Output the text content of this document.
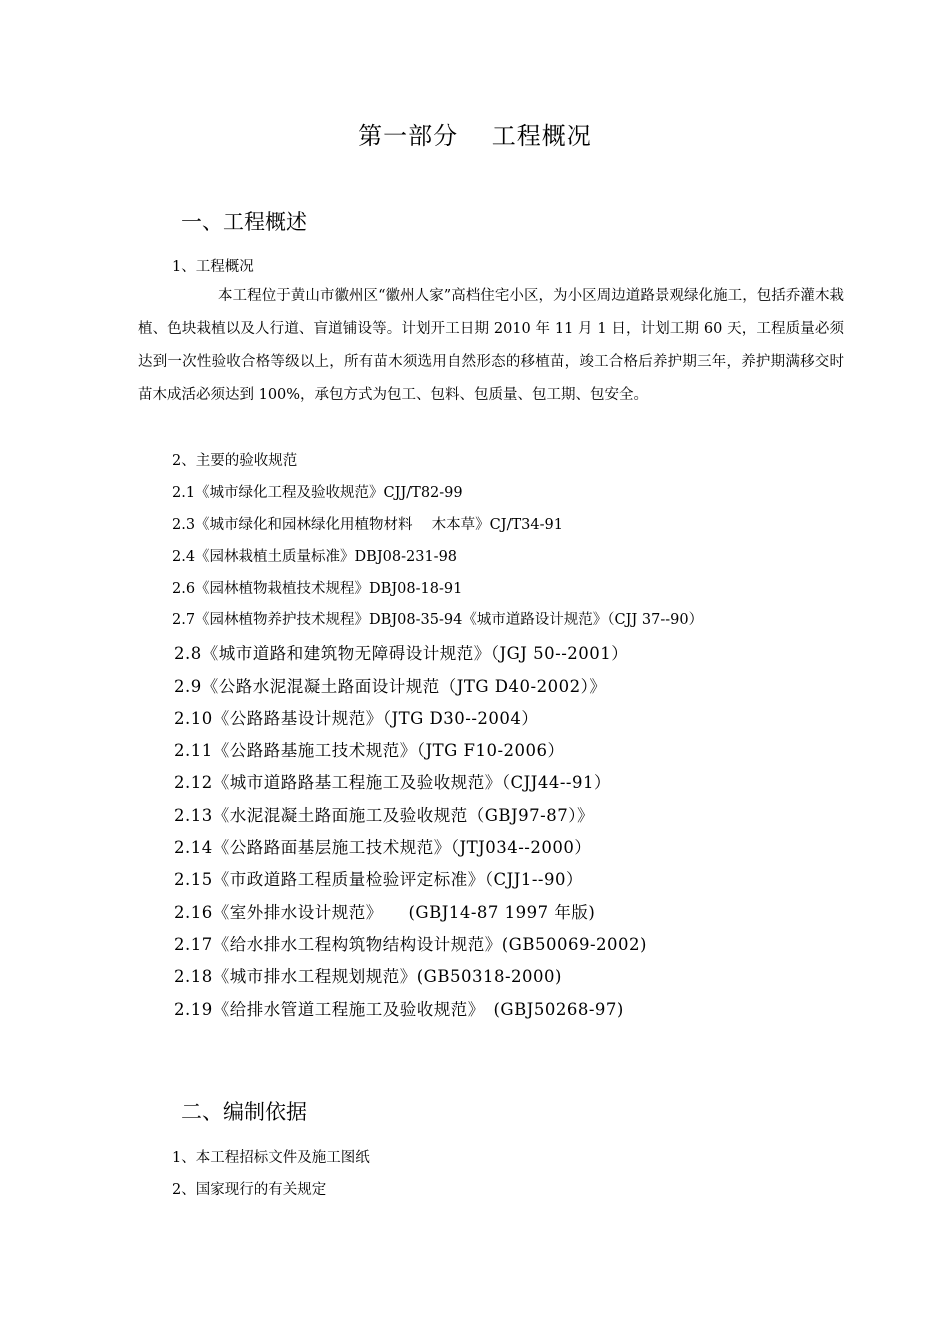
第一部分　 工程概况
一、工程概述
1、工程概况
本工程位于黄山市徽州区“徽州人家”高档住宅小区，为小区周边道路景观绿化施工，包括乔灌木栽植、色块栽植以及人行道、盲道铺设等。计划开工日期 2010 年 11 月 1 日，计划工期 60 天，工程质量必须达到一次性验收合格等级以上，所有苗木须选用自然形态的移植苗，竣工合格后养护期三年，养护期满移交时苗木成活必须达到 100%，承包方式为包工、包料、包质量、包工期、包安全。
2、主要的验收规范
2.1《城市绿化工程及验收规范》CJJ/T82-99
2.3《城市绿化和园林绿化用植物材料　 木本草》CJ/T34-91
2.4《园林栽植土质量标准》DBJ08-231-98
2.6《园林植物栽植技术规程》DBJ08-18-91
2.7《园林植物养护技术规程》DBJ08-35-94《城市道路设计规范》（CJJ 37--90）
2.8《城市道路和建筑物无障碍设计规范》（JGJ 50--2001）
2.9《公路水泥混凝土路面设计规范（JTG D40-2002）》
2.10《公路路基设计规范》（JTG D30--2004）
2.11《公路路基施工技术规范》（JTG F10-2006）
2.12《城市道路路基工程施工及验收规范》（CJJ44--91）
2.13《水泥混凝土路面施工及验收规范（GBJ97-87）》
2.14《公路路面基层施工技术规范》（JTJ034--2000）
2.15《市政道路工程质量检验评定标准》（CJJ1--90）
2.16《室外排水设计规范》　　(GBJ14-87 1997 年版)
2.17《给水排水工程构筑物结构设计规范》(GB50069-2002)
2.18《城市排水工程规划规范》(GB50318-2000)
2.19《给排水管道工程施工及验收规范》　(GBJ50268-97)
二、编制依据
1、本工程招标文件及施工图纸
2、国家现行的有关规定
